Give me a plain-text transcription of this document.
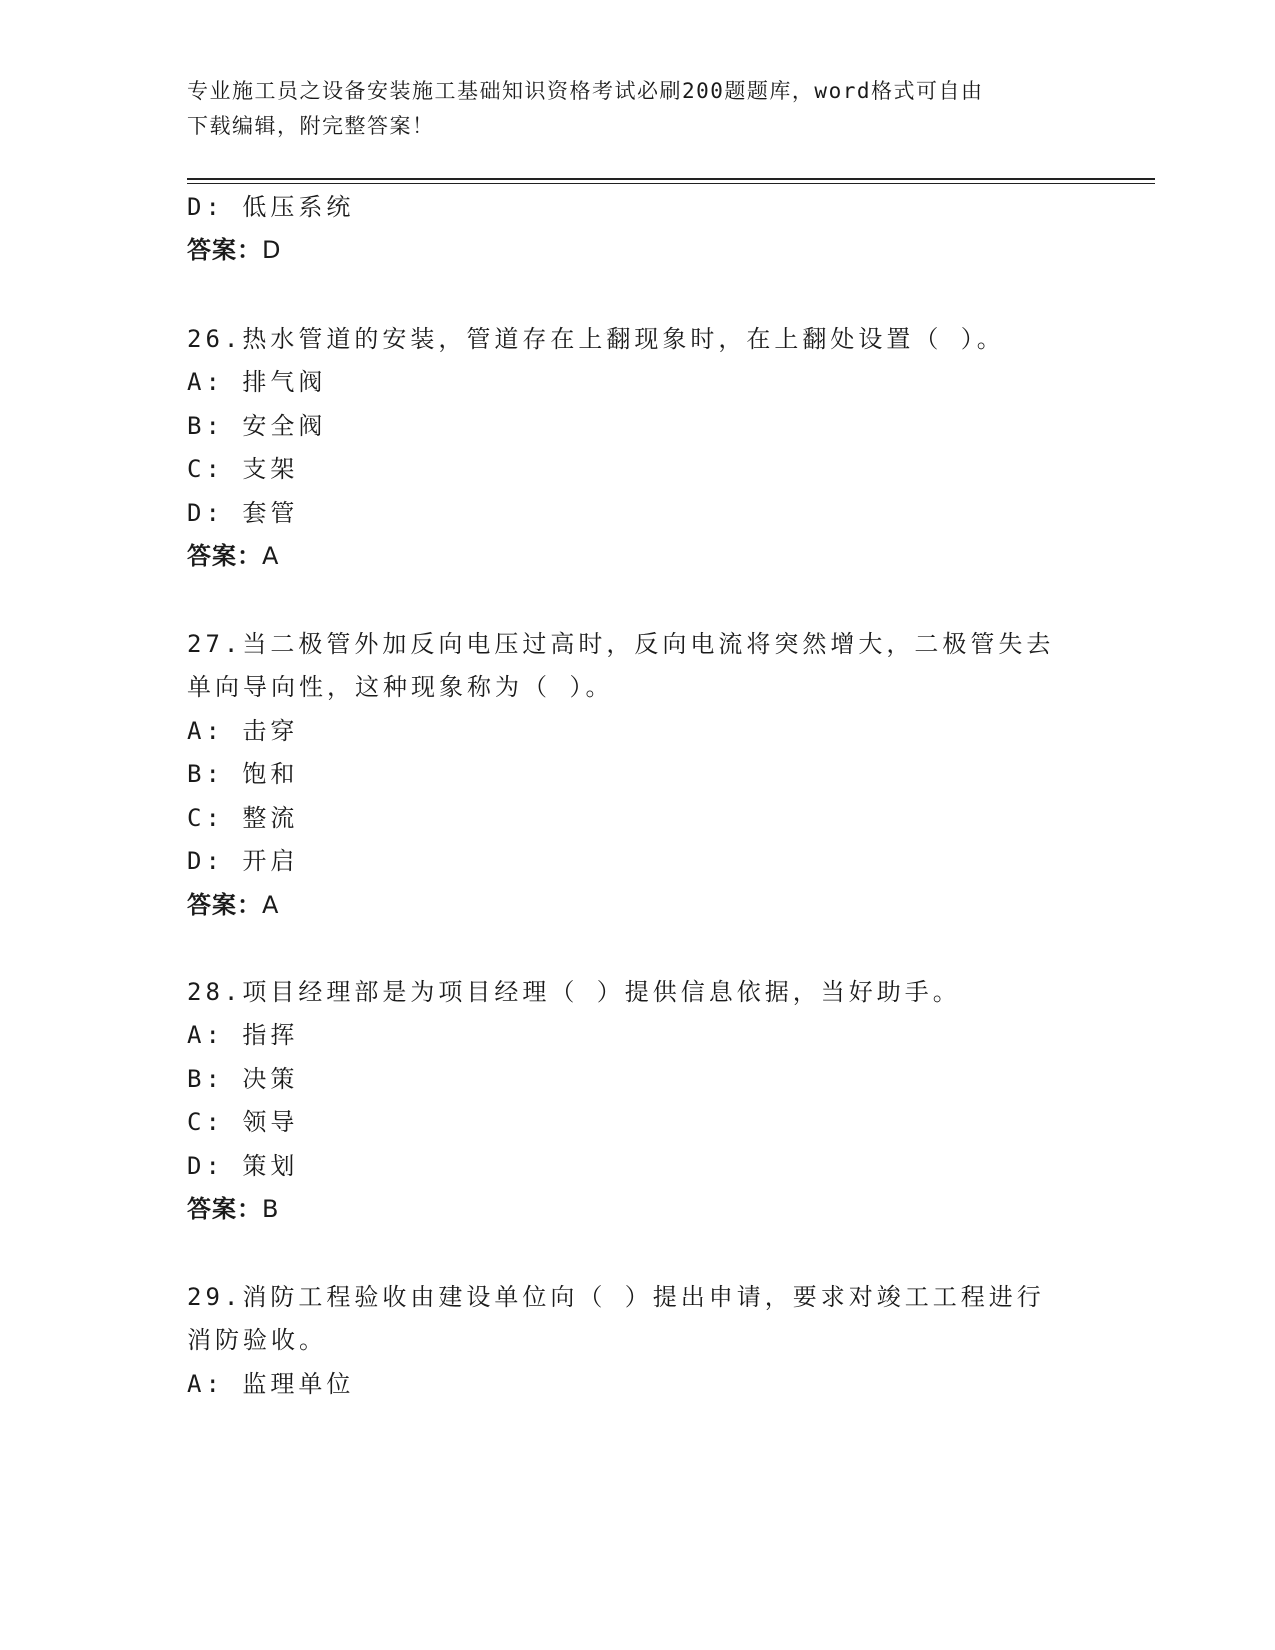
专业施工员之设备安装施工基础知识资格考试必刷200题题库，word格式可自由
下载编辑，附完整答案！
D: 低压系统
答案：D
26.热水管道的安装，管道存在上翻现象时，在上翻处设置（ ）。
A: 排气阀
B: 安全阀
C: 支架
D: 套管
答案：A
27.当二极管外加反向电压过高时，反向电流将突然增大，二极管失去
单向导向性，这种现象称为（ ）。
A: 击穿
B: 饱和
C: 整流
D: 开启
答案：A
28.项目经理部是为项目经理（ ）提供信息依据，当好助手。
A: 指挥
B: 决策
C: 领导
D: 策划
答案：B
29.消防工程验收由建设单位向（ ）提出申请，要求对竣工工程进行
消防验收。
A: 监理单位
